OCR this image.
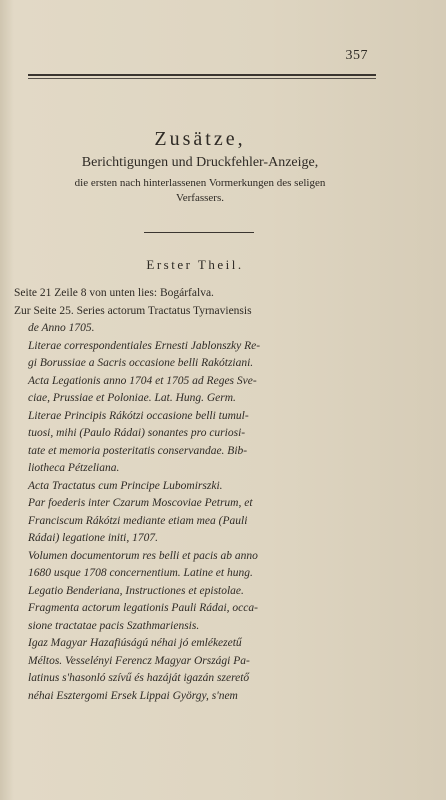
357
Zusätze,
Berichtigungen und Druckfehler-Anzeige,
die ersten nach hinterlassenen Vormerkungen des seligen
Verfassers.
Erster Theil.
Seite 21 Zeile 8 von unten lies: Bogárfalva.
Zur Seite 25. Series actorum Tractatus Tyrnaviensis
de Anno 1705.
Literae correspondentiales Ernesti Jablonszky Re-
gi Borussiae a Sacris occasione belli Rakótziani.
Acta Legationis anno 1704 et 1705 ad Reges Sve-
ciae, Prussiae et Poloniae. Lat. Hung. Germ.
Literae Principis Rákótzi occasione belli tumul-
tuosi, mihi (Paulo Rádai) sonantes pro curiosi-
tate et memoria posteritatis conservandae. Bib-
liotheca Pétzeliana.
Acta Tractatus cum Principe Lubomirszki.
Par foederis inter Czarum Moscoviae Petrum, et
Franciscum Rákótzi mediante etiam mea (Pauli
Rádai) legatione initi, 1707.
Volumen documentorum res belli et pacis ab anno
1680 usque 1708 concernentium. Latine et hung.
Legatio Benderiana, Instructiones et epistolae.
Fragmenta actorum legationis Pauli Rádai, occa-
sione tractatae pacis Szathmariensis.
Igaz Magyar Hazafiúságú néhai jó emlékezetű
Méltos. Vesselényi Ferencz Magyar Országi Pa-
latinus s'hasonló szívű és hazáját igazán szerető
néhai Esztergomi Ersek Lippai György, s'nem
